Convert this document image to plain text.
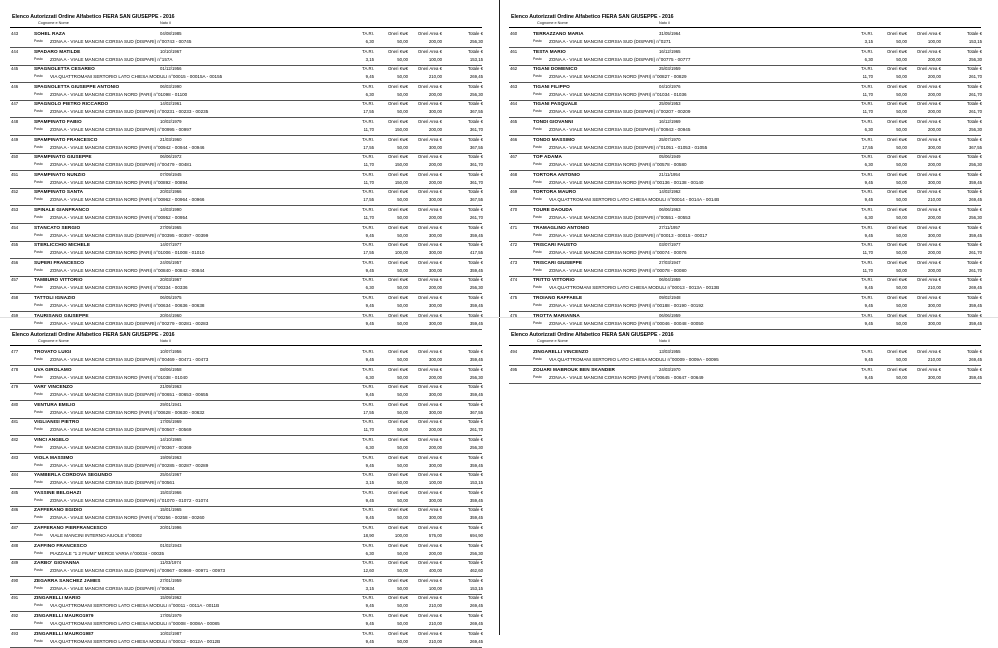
Elenco Autorizzati Ordine Alfabetico FIERA SAN GIUSEPPE - 2016
Cognome e Nome	Nato il
443	SOHEL RAZA	04/08/1985	TA.RI.	Oneri Kw€ Oneri Area €	Totale €
Posto ZONA A - VIALE MANCINI CORSIA SUD (DISPARI) n°00743 - 00745	6,30	50,00	200,00	256,30
444	SPADARO MATILDE	10/10/1967	TA.RI.	Oneri Kw€ Oneri Area €	Totale €
Posto ZONA A - VIALE MANCINI CORSIA SUD (DISPARI) n°157A	3,15	50,00	100,00	153,15
445	SPAGNOLETTA CESAREO	01/12/1956	TA.RI.	Oneri Kw€ Oneri Area €	Totale €
Posto VIA QUATTROMANI SERTORIO LATO CHIESA MODULI n°00015 - 00015A - 00155	9,45	50,00	210,00	269,45
446	SPAGNOLETTA GIUSEPPE ANTONIO	06/03/1990	TA.RI.	Oneri Kw€ Oneri Area €	Totale €
Posto ZONA A - VIALE MANCINI CORSIA NORD (PARI) n°01098 - 01100	6,30	50,00	200,00	256,30
447	SPAGNOLO PIETRO RICCARDO	14/02/1961	TA.RI.	Oneri Kw€ Oneri Area €	Totale €
Posto ZONA A - VIALE MANCINI CORSIA SUD (DISPARI) n°00231 - 00233 - 00235	17,55	50,00	300,00	367,55
448	SPAMPINATO FABIO	10/02/1979	TA.RI.	Oneri Kw€ Oneri Area €	Totale €
Posto ZONA A - VIALE MANCINI CORSIA SUD (DISPARI) n°00995 - 00997	11,70	150,00	200,00	361,70
449	SPAMPINATO FRANCESCO	21/03/1960	TA.RI.	Oneri Kw€ Oneri Area €	Totale €
Posto ZONA A - VIALE MANCINI CORSIA NORD (PARI) n°00942 - 00944 - 00946	17,55	50,00	300,00	367,55
450	SPAMPINATO GIUSEPPE	06/06/1972	TA.RI.	Oneri Kw€ Oneri Area €	Totale €
Posto ZONA A - VIALE MANCINI CORSIA SUD (DISPARI) n°00479 - 00481	11,70	150,00	200,00	361,70
451	SPAMPINATO NUNZIO	07/09/1945	TA.RI.	Oneri Kw€ Oneri Area €	Totale €
Posto ZONA A - VIALE MANCINI CORSIA NORD (PARI) n°00892 - 00894	11,70	150,00	200,00	361,70
452	SPAMPINATO SANTA	20/02/1966	TA.RI.	Oneri Kw€ Oneri Area €	Totale €
Posto ZONA A - VIALE MANCINI CORSIA NORD (PARI) n°00962 - 00964 - 00966	17,55	50,00	300,00	367,55
453	SPINALE GIANFRANCO	14/03/1990	TA.RI.	Oneri Kw€ Oneri Area €	Totale €
Posto ZONA A - VIALE MANCINI CORSIA NORD (PARI) n°00952 - 00954	11,70	50,00	200,00	261,70
454	STANCATO SERGIO	27/09/1965	TA.RI.	Oneri Kw€ Oneri Area €	Totale €
Posto ZONA A - VIALE MANCINI CORSIA SUD (DISPARI) n°00395 - 00397 - 00399	9,45	50,00	300,00	359,45
455	STERLICCHIO MICHELE	14/07/1977	TA.RI.	Oneri Kw€ Oneri Area €	Totale €
Posto ZONA A - VIALE MANCINI CORSIA NORD (PARI) n°01006 - 01008 - 01010	17,55	100,00	300,00	417,55
456	SUPERI FRANCESCO	24/05/1957	TA.RI.	Oneri Kw€ Oneri Area €	Totale €
Posto ZONA A - VIALE MANCINI CORSIA NORD (PARI) n°00840 - 00842 - 00844	9,45	50,00	300,00	359,45
457	TAMBURO VITTORIO	20/03/1967	TA.RI.	Oneri Kw€ Oneri Area €	Totale €
Posto ZONA A - VIALE MANCINI CORSIA NORD (PARI) n°00334 - 00336	6,30	50,00	200,00	256,30
458	TATTOLI IGNAZIO	06/05/1975	TA.RI.	Oneri Kw€ Oneri Area €	Totale €
Posto ZONA A - VIALE MANCINI CORSIA NORD (PARI) n°00634 - 00636 - 00638	9,45	50,00	300,00	359,45
459	TAURISANO GIUSEPPE	20/04/1960	TA.RI.	Oneri Kw€ Oneri Area €	Totale €
Posto ZONA A - VIALE MANCINI CORSIA SUD (DISPARI) n°00279 - 00281 - 00283	9,45	50,00	300,00	359,45
Elenco Autorizzati Ordine Alfabetico FIERA SAN GIUSEPPE - 2016
Cognome e Nome	Nato il
460	TERRAZZANO MARIA	31/05/1964	TA.RI.	Oneri Kw€ Oneri Area €	Totale €
Posto ZONA A - VIALE MANCINI CORSIA SUD (DISPARI) n°0271	3,15	50,00	100,00	153,15
461	TESTA MARIO	16/12/1965	TA.RI.	Oneri Kw€ Oneri Area €	Totale €
Posto ZONA A - VIALE MANCINI CORSIA SUD (DISPARI) n°00775 - 00777	6,30	50,00	200,00	256,30
462	TIGANI DOMENICO	25/03/1959	TA.RI.	Oneri Kw€ Oneri Area €	Totale €
Posto ZONA A - VIALE MANCINI CORSIA NORD (PARI) n°00827 - 00829	11,70	50,00	200,00	261,70
463	TIGANI FILIPPO	04/10/1976	TA.RI.	Oneri Kw€ Oneri Area €	Totale €
Posto ZONA A - VIALE MANCINI CORSIA NORD (PARI) n°01034 - 01036	11,70	50,00	200,00	261,70
464	TIGANI PASQUALE	25/09/1953	TA.RI.	Oneri Kw€ Oneri Area €	Totale €
Posto ZONA A - VIALE MANCINI CORSIA SUD (DISPARI) n°00207 - 00209	11,70	50,00	200,00	261,70
465	TONDI GIOVANNI	16/12/1969	TA.RI.	Oneri Kw€ Oneri Area €	Totale €
Posto ZONA A - VIALE MANCINI CORSIA SUD (DISPARI) n°00943 - 00945	6,30	50,00	200,00	256,30
466	TONDO MASSIMO	25/07/1970	TA.RI.	Oneri Kw€ Oneri Area €	Totale €
Posto ZONA A - VIALE MANCINI CORSIA SUD (DISPARI) n°01051 - 01053 - 01055	17,55	50,00	300,00	367,55
467	TOP ADAMA	05/06/1949	TA.RI.	Oneri Kw€ Oneri Area €	Totale €
Posto ZONA A - VIALE MANCINI CORSIA NORD (PARI) n°00578 - 00580	6,30	50,00	200,00	256,30
468	TORTORA ANTONIO	21/11/1954	TA.RI.	Oneri Kw€ Oneri Area €	Totale €
Posto ZONA A - VIALE MANCINI CORSIA NORD (PARI) n°00136 - 00138 - 00140	9,45	50,00	300,00	359,45
469	TORTORA MAURO	14/02/1962	TA.RI.	Oneri Kw€ Oneri Area €	Totale €
Posto VIA QUATTROMANI SERTORIO LATO CHIESA MODULI n°00014 - 0014A - 0014B	9,45	50,00	210,00	269,45
470	TOURE DAOUDA	06/06/1963	TA.RI.	Oneri Kw€ Oneri Area €	Totale €
Posto ZONA A - VIALE MANCINI CORSIA SUD (DISPARI) n°00551 - 00553	6,30	50,00	200,00	256,30
471	TRAMAGLINO ANTONIO	27/11/1957	TA.RI.	Oneri Kw€ Oneri Area €	Totale €
Posto ZONA A - VIALE MANCINI CORSIA SUD (DISPARI) n°00013 - 00015 - 00017	9,45	50,00	300,00	359,45
472	TRISCARI FAUSTO	03/07/1977	TA.RI.	Oneri Kw€ Oneri Area €	Totale €
Posto ZONA A - VIALE MANCINI CORSIA NORD (PARI) n°00074 - 00076	11,70	50,00	200,00	261,70
473	TRISCARI GIUSEPPE	27/03/1947	TA.RI.	Oneri Kw€ Oneri Area €	Totale €
Posto ZONA A - VIALE MANCINI CORSIA NORD (PARI) n°00078 - 00080	11,70	50,00	200,00	261,70
474	TRITTO VITTORIO	06/04/1959	TA.RI.	Oneri Kw€ Oneri Area €	Totale €
Posto VIA QUATTROMANI SERTORIO LATO CHIESA MODULI n°00013 - 0013A - 0013B	9,45	50,00	210,00	269,45
475	TROIANO RAFFAELE	09/02/1948	TA.RI.	Oneri Kw€ Oneri Area €	Totale €
Posto ZONA A - VIALE MANCINI CORSIA NORD (PARI) n°00188 - 00190 - 00192	9,45	50,00	300,00	359,45
476	TROTTA MARIANNA	06/06/1959	TA.RI.	Oneri Kw€ Oneri Area €	Totale €
Posto ZONA A - VIALE MANCINI CORSIA NORD (PARI) n°00046 - 00048 - 00050	9,45	50,00	300,00	359,45
Elenco Autorizzati Ordine Alfabetico FIERA SAN GIUSEPPE - 2016
Cognome e Nome	Nato il
477	TROVATO LUIGI	10/07/1956	TA.RI.	Oneri Kw€ Oneri Area €	Totale €
Posto ZONA A - VIALE MANCINI CORSIA SUD (DISPARI) n°00469 - 00471 - 00473	9,45	50,00	300,00	359,45
478	UVA GIROLAMO	08/06/1958	TA.RI.	Oneri Kw€ Oneri Area €	Totale €
Posto ZONA A - VIALE MANCINI CORSIA NORD (PARI) n°01038 - 01040	6,30	50,00	200,00	256,30
479	VARI' VINCENZO	21/09/1963	TA.RI.	Oneri Kw€ Oneri Area €	Totale €
Posto ZONA A - VIALE MANCINI CORSIA SUD (DISPARI) n°00651 - 00653 - 00655	9,45	50,00	300,00	359,45
480	VENTURA EMILIO	29/01/1941	TA.RI.	Oneri Kw€ Oneri Area €	Totale €
Posto ZONA A - VIALE MANCINI CORSIA NORD (PARI) n°00628 - 00630 - 00632	17,55	50,00	300,00	367,55
481	VIGLIANISI PIETRO	17/05/1969	TA.RI.	Oneri Kw€ Oneri Area €	Totale €
Posto ZONA A - VIALE MANCINI CORSIA SUD (DISPARI) n°00567 - 00569	11,70	50,00	200,00	261,70
482	VINCI ANGELO	14/10/1965	TA.RI.	Oneri Kw€ Oneri Area €	Totale €
Posto ZONA A - VIALE MANCINI CORSIA SUD (DISPARI) n°00367 - 00369	6,30	50,00	200,00	256,30
483	VIOLA MASSIMO	19/09/1963	TA.RI.	Oneri Kw€ Oneri Area €	Totale €
Posto ZONA A - VIALE MANCINI CORSIA SUD (DISPARI) n°00285 - 00287 - 00289	9,45	50,00	300,00	359,45
484	YAMBERLA CORDOVA SEGUNDO	25/04/1967	TA.RI.	Oneri Kw€ Oneri Area €	Totale €
Posto ZONA A - VIALE MANCINI CORSIA SUD (DISPARI) n°00561	3,15	50,00	100,00	153,15
485	YASSINE BELGHAZI	15/03/1966	TA.RI.	Oneri Kw€ Oneri Area €	Totale €
Posto ZONA A - VIALE MANCINI CORSIA SUD (DISPARI) n°01070 - 01072 - 01074	9,45	50,00	300,00	359,45
486	ZAFFERANO EGIDIO	15/01/1965	TA.RI.	Oneri Kw€ Oneri Area €	Totale €
Posto ZONA A - VIALE MANCINI CORSIA NORD (PARI) n°00256 - 00258 - 00260	9,45	50,00	300,00	359,45
487	ZAFFERANO PIERFRANCESCO	20/01/1996	TA.RI.	Oneri Kw€ Oneri Area €	Totale €
Posto VIALE MANCINI INTERNO AIUOLE n°00002	18,90	100,00	576,00	694,90
488	ZAFFINO FRANCESCO	01/02/1943	TA.RI.	Oneri Kw€ Oneri Area €	Totale €
Posto PIAZZALE "1 2 FIUMI" MERCE VARIA n°00034 - 00035	6,30	50,00	200,00	256,30
489	ZARBO' GIOVANNA	11/03/1974	TA.RI.	Oneri Kw€ Oneri Area €	Totale €
Posto ZONA A - VIALE MANCINI CORSIA SUD (DISPARI) n°00967 - 00969 - 00971 - 00973	12,60	50,00	400,00	462,60
490	ZEGARRA SANCHEZ JAMES	27/01/1959	TA.RI.	Oneri Kw€ Oneri Area €	Totale €
Posto ZONA A - VIALE MANCINI CORSIA SUD (DISPARI) n°00634	3,15	50,00	100,00	153,15
491	ZINGARELLI MARIO	15/09/1962	TA.RI.	Oneri Kw€ Oneri Area €	Totale €
Posto VIA QUATTROMANI SERTORIO LATO CHIESA MODULI n°00011 - 0011A - 0011B	9,45	50,00	210,00	269,45
492	ZINGARELLI MAURO1979	17/05/1979	TA.RI.	Oneri Kw€ Oneri Area €	Totale €
Posto VIA QUATTROMANI SERTORIO LATO CHIESA MODULI n°00008 - 0008A - 00085	9,45	50,00	210,00	269,45
493	ZINGARELLI MAURO1987	10/02/1987	TA.RI.	Oneri Kw€ Oneri Area €	Totale €
Posto VIA QUATTROMANI SERTORIO LATO CHIESA MODULI n°00012 - 0012A - 0012B	9,45	50,00	210,00	269,45
Elenco Autorizzati Ordine Alfabetico FIERA SAN GIUSEPPE - 2016
Cognome e Nome	Nato il
494	ZINGARELLI VINCENZO	13/03/1955	TA.RI.	Oneri Kw€ Oneri Area €	Totale €
Posto VIA QUATTROMANI SERTORIO LATO CHIESA MODULI n°00009 - 0009A - 00095	9,45	50,00	210,00	269,45
495	ZOUARI MABROUK BEN SKANDER	24/03/1970	TA.RI.	Oneri Kw€ Oneri Area €	Totale €
Posto ZONA A - VIALE MANCINI CORSIA NORD (PARI) n°00645 - 00647 - 00649	9,45	50,00	300,00	359,45
